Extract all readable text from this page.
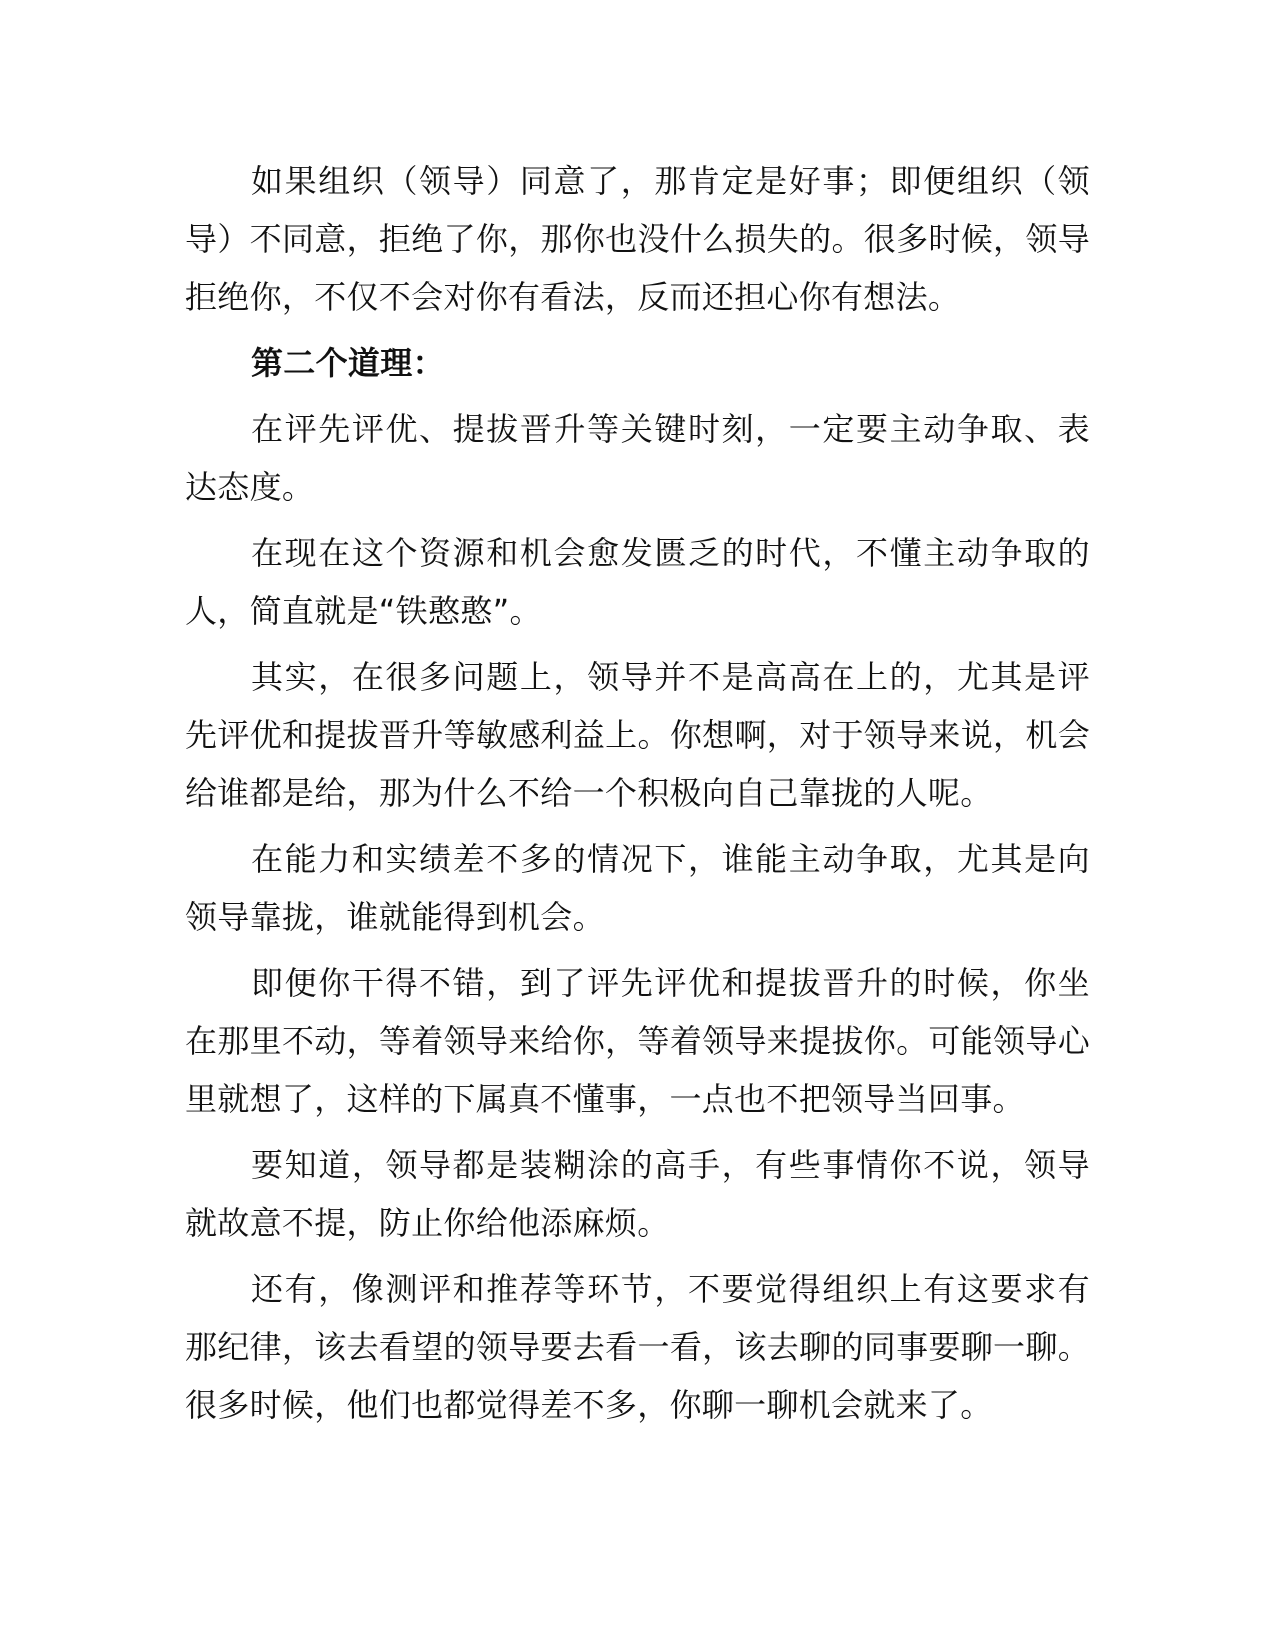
如果组织（领导）同意了，那肯定是好事；即便组织（领导）不同意，拒绝了你，那你也没什么损失的。很多时候，领导拒绝你，不仅不会对你有看法，反而还担心你有想法。

第二个道理：

在评先评优、提拔晋升等关键时刻，一定要主动争取、表达态度。

在现在这个资源和机会愈发匮乏的时代，不懂主动争取的人，简直就是“铁憨憨”。

其实，在很多问题上，领导并不是高高在上的，尤其是评先评优和提拔晋升等敏感利益上。你想啊，对于领导来说，机会给谁都是给，那为什么不给一个积极向自己靠拢的人呢。

在能力和实绩差不多的情况下，谁能主动争取，尤其是向领导靠拢，谁就能得到机会。

即便你干得不错，到了评先评优和提拔晋升的时候，你坐在那里不动，等着领导来给你，等着领导来提拔你。可能领导心里就想了，这样的下属真不懂事，一点也不把领导当回事。

要知道，领导都是装糊涂的高手，有些事情你不说，领导就故意不提，防止你给他添麻烦。

还有，像测评和推荐等环节，不要觉得组织上有这要求有那纪律，该去看望的领导要去看一看，该去聊的同事要聊一聊。很多时候，他们也都觉得差不多，你聊一聊机会就来了。
